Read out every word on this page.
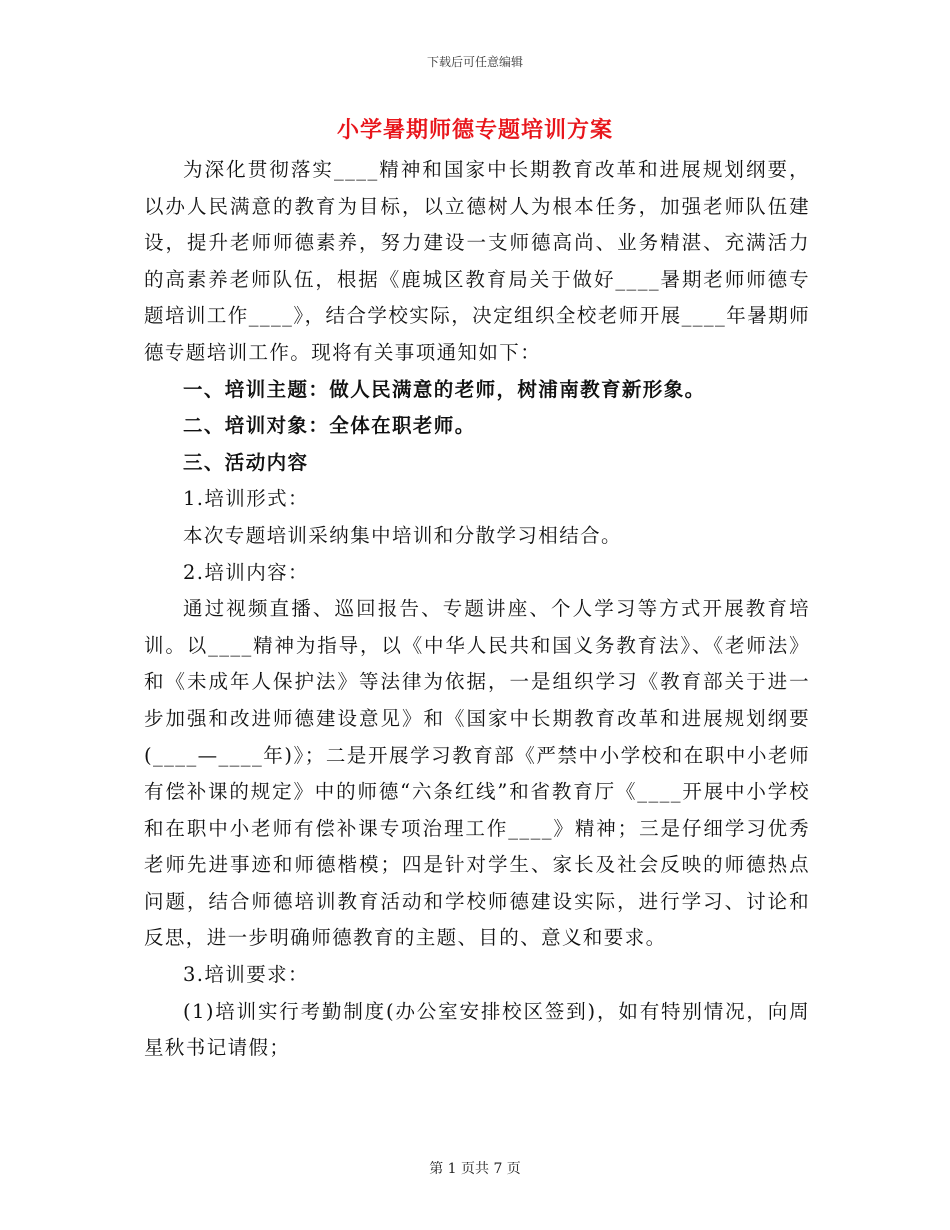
下载后可任意编辑
小学暑期师德专题培训方案

为深化贯彻落实____精神和国家中长期教育改革和进展规划纲要，以办人民满意的教育为目标，以立德树人为根本任务，加强老师队伍建设，提升老师师德素养，努力建设一支师德高尚、业务精湛、充满活力的高素养老师队伍，根据《鹿城区教育局关于做好____暑期老师师德专题培训工作____》，结合学校实际，决定组织全校老师开展____年暑期师德专题培训工作。现将有关事项通知如下：

一、培训主题：做人民满意的老师，树浦南教育新形象。

二、培训对象：全体在职老师。

三、活动内容

1.培训形式：

本次专题培训采纳集中培训和分散学习相结合。

2.培训内容：

通过视频直播、巡回报告、专题讲座、个人学习等方式开展教育培训。以____精神为指导，以《中华人民共和国义务教育法》、《老师法》和《未成年人保护法》等法律为依据，一是组织学习《教育部关于进一步加强和改进师德建设意见》和《国家中长期教育改革和进展规划纲要(____—____年)》；二是开展学习教育部《严禁中小学校和在职中小老师有偿补课的规定》中的师德“六条红线”和省教育厅《____开展中小学校和在职中小老师有偿补课专项治理工作____》精神；三是仔细学习优秀老师先进事迹和师德楷模；四是针对学生、家长及社会反映的师德热点问题，结合师德培训教育活动和学校师德建设实际，进行学习、讨论和反思，进一步明确师德教育的主题、目的、意义和要求。

3.培训要求：

(1)培训实行考勤制度(办公室安排校区签到)，如有特别情况，向周星秋书记请假；

第 1 页共 7 页
